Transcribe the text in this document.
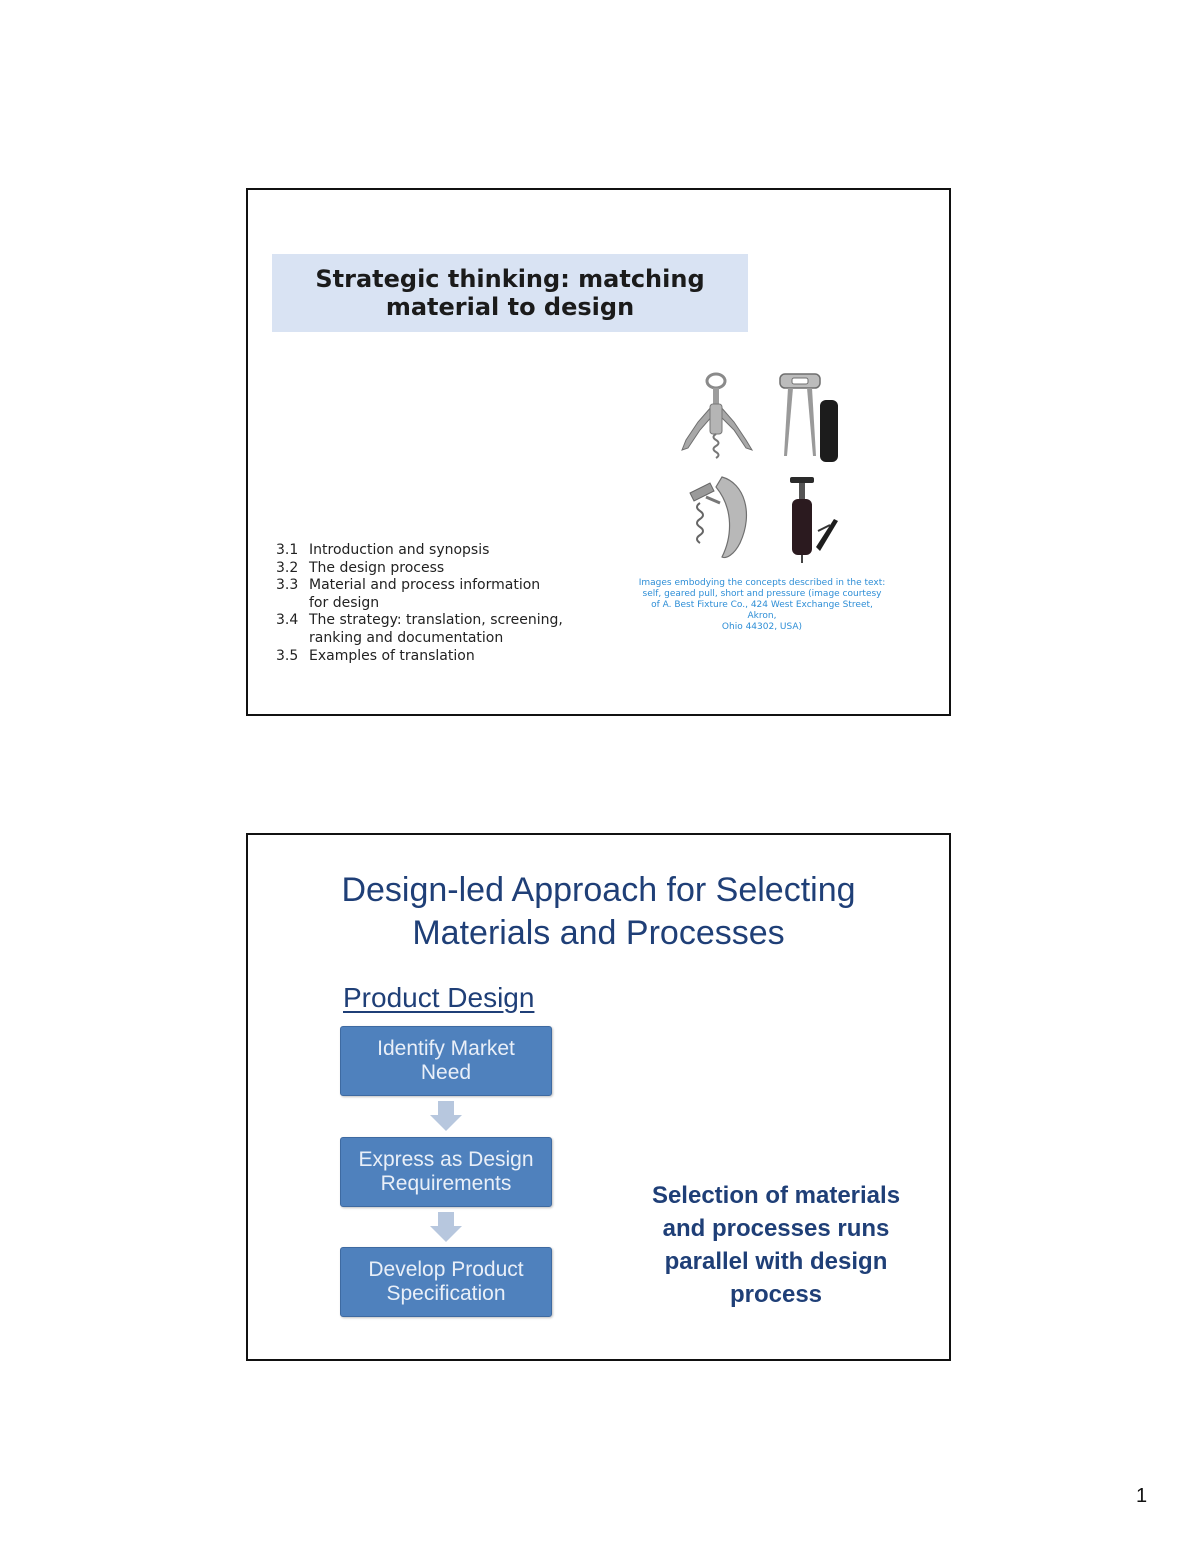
Strategic thinking: matching
material to design
Images embodying the concepts described in the text:
self, geared pull, short and pressure (image courtesy
of A. Best Fixture Co., 424 West Exchange Street, Akron,
Ohio 44302, USA)
3.1 Introduction and synopsis
3.2 The design process
3.3 Material and process information
for design
3.4 The strategy: translation, screening,
ranking and documentation
3.5 Examples of translation
Design-led Approach for Selecting
Materials and Processes
Product Design
Identify Market
Need
Express as Design
Requirements
Develop Product
Specification
Selection of materials
and processes runs
parallel with design
process
1
